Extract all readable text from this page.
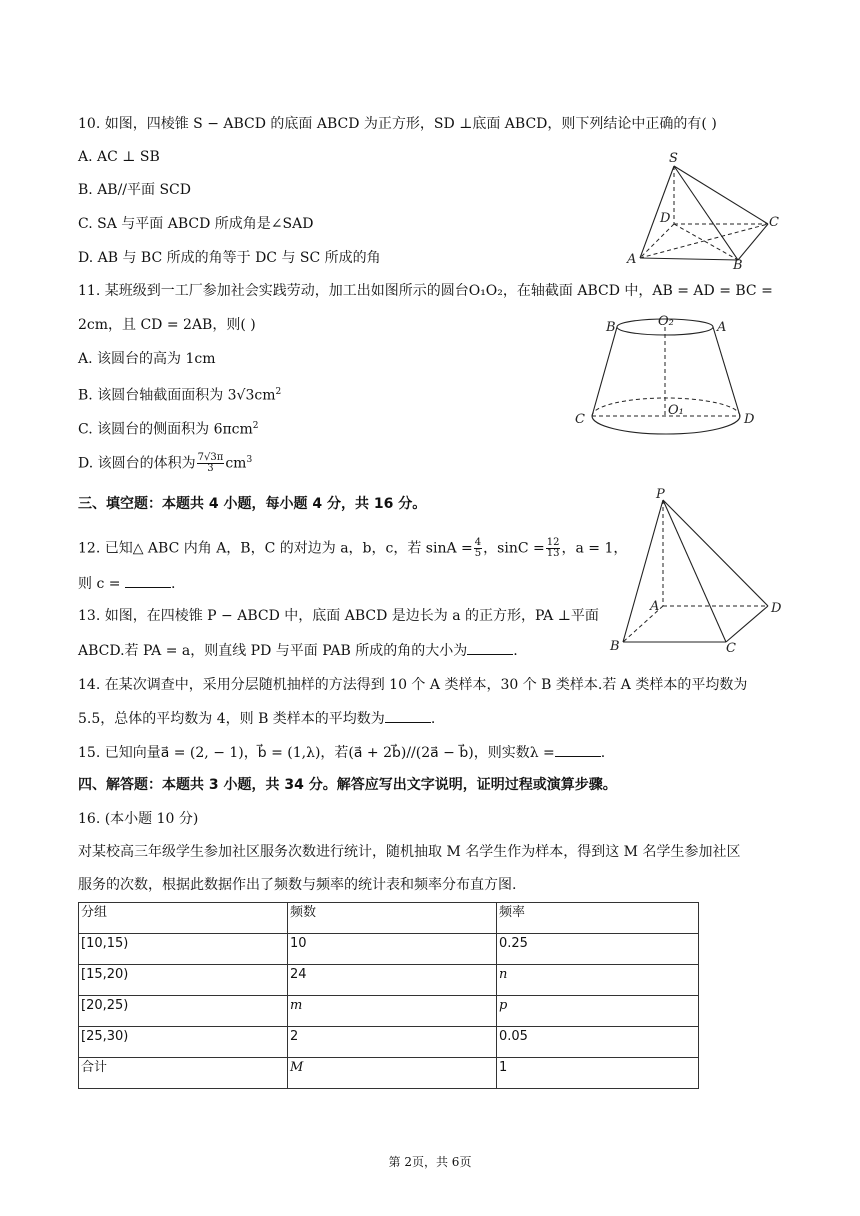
10. 如图，四棱锥 S − ABCD 的底面 ABCD 为正方形，SD ⊥底面 ABCD，则下列结论中正确的有( )
A. AC ⊥ SB
B. AB//平面 SCD
C. SA 与平面 ABCD 所成角是∠SAD
D. AB 与 BC 所成的角等于 DC 与 SC 所成的角
S
D	C
A	B
11. 某班级到一工厂参加社会实践劳动，加工出如图所示的圆台O₁O₂，在轴截面 ABCD 中，AB = AD = BC =
2cm，且 CD = 2AB，则( )
A. 该圆台的高为 1cm
B. 该圆台轴截面面积为 $3√3cm^2$
C. 该圆台的侧面积为 6πcm$^2$
D. 该圆台的体积为 $\frac{7√3\pi}{3} cm^3$
B	O₂	A
C
O₁
D
三、填空题：本题共 4 小题，每小题 4 分，共 16 分。
12. 已知△ ABC 内角 A，B，C 的对边为 a，b，c，若 $\sin A = \frac{4}{5}$ ，$\sin C = \frac{12}{13}$ ，a = 1，
则 c =	.
13. 如图，在四棱锥 P − ABCD 中，底面 ABCD 是边长为 a 的正方形，PA ⊥平面
ABCD.若 PA = a，则直线 PD 与平面 PAB 所成的角的大小为	.
P
A	D
B	C
14. 在某次调查中，采用分层随机抽样的方法得到 10 个 A 类样本，30 个 B 类样本.若 A 类样本的平均数为
5.5，总体的平均数为 4，则 B 类样本的平均数为	.
15. 已知向量a⃗ = (2, − 1)，b⃗ = (1,λ)，若(a⃗ + 2b⃗)//(2a⃗ − b⃗)，则实数λ =	.
四、解答题：本题共 3 小题，共 34 分。解答应写出文字说明，证明过程或演算步骤。
16. (本小题 10 分)
对某校高三年级学生参加社区服务次数进行统计，随机抽取 M 名学生作为样本，得到这 M 名学生参加社区
服务的次数，根据此数据作出了频数与频率的统计表和频率分布直方图.
分组	频数	频率
[10,15)	10	0.25
[15,20)	24	n
[20,25)	m	p
[25,30)	2	0.05
合计	M	1
第 2页，共 6页
